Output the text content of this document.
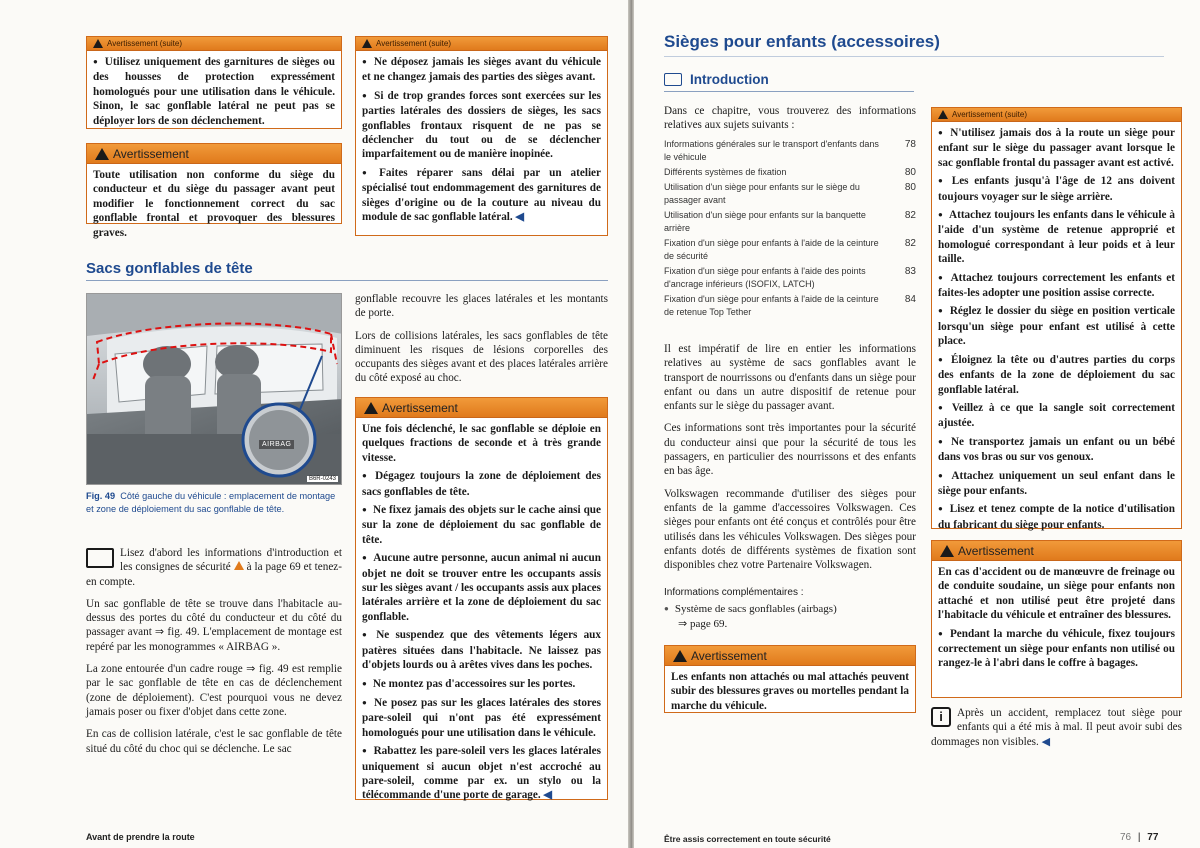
Avertissement (suite)

● Utilisez uniquement des garnitures de sièges ou des housses de protection expressément homologués pour une utilisation dans le véhicule. Sinon, le sac gonflable latéral ne peut pas se déployer lors de son déclenchement.

Avertissement
Toute utilisation non conforme du siège du conducteur et du siège du passager avant peut modifier le fonctionnement correct du sac gonflable frontal et provoquer des blessures graves.
Avertissement (suite)

● Ne déposez jamais les sièges avant du véhicule et ne changez jamais des parties des sièges avant.

● Si de trop grandes forces sont exercées sur les parties latérales des dossiers de sièges, les sacs gonflables frontaux risquent de ne pas se déclencher du tout ou de se déclencher imparfaitement ou de manière inopinée.

● Faites réparer sans délai par un atelier spécialisé tout endommagement des garnitures de sièges d'origine ou de la couture au niveau du module de sac gonflable latéral. ◀

Sacs gonflables de tête
AIRBAG
B6R-0243
Fig. 49 Côté gauche du véhicule : emplacement de montage et zone de déploiement du sac gonflable de tête.

Lisez d'abord les informations d'introduction et les consignes de sécurité à la page 69 et tenez-en compte.

Un sac gonflable de tête se trouve dans l'habitacle au-dessus des portes du côté du conducteur et du côté du passager avant ⇒ fig. 49. L'emplacement de montage est repéré par les monogrammes « AIRBAG ».

La zone entourée d'un cadre rouge ⇒ fig. 49 est remplie par le sac gonflable de tête en cas de déclenchement (zone de déploiement). C'est pourquoi vous ne devez jamais poser ou fixer d'objet dans cette zone.

En cas de collision latérale, c'est le sac gonflable de tête situé du côté du choc qui se déclenche. Le sac

gonflable recouvre les glaces latérales et les montants de porte.

Lors de collisions latérales, les sacs gonflables de tête diminuent les risques de lésions corporelles des occupants des sièges avant et des places latérales arrière du côté exposé au choc.

Avertissement

Une fois déclenché, le sac gonflable se déploie en quelques fractions de seconde et à très grande vitesse.

● Dégagez toujours la zone de déploiement des sacs gonflables de tête.

● Ne fixez jamais des objets sur le cache ainsi que sur la zone de déploiement du sac gonflable de tête.

● Aucune autre personne, aucun animal ni aucun objet ne doit se trouver entre les occupants assis sur les sièges avant / les occupants assis aux places latérales arrière et la zone de déploiement du sac gonflable.

● Ne suspendez que des vêtements légers aux patères situées dans l'habitacle. Ne laissez pas d'objets lourds ou à arêtes vives dans les poches.

● Ne montez pas d'accessoires sur les portes.

● Ne posez pas sur les glaces latérales des stores pare-soleil qui n'ont pas été expressément homologués pour une utilisation dans le véhicule.

● Rabattez les pare-soleil vers les glaces latérales uniquement si aucun objet n'est accroché au pare-soleil, comme par ex. un stylo ou la télécommande d'une porte de garage. ◀

Avant de prendre la route
Sièges pour enfants (accessoires)
Introduction

Dans ce chapitre, vous trouverez des informations relatives aux sujets suivants :

Informations générales sur le transport d'enfants dans le véhicule
78
Différents systèmes de fixation	80
Utilisation d'un siège pour enfants sur le siège du passager avant
80
Utilisation d'un siège pour enfants sur la banquette arrière
82
Fixation d'un siège pour enfants à l'aide de la ceinture de sécurité
82
Fixation d'un siège pour enfants à l'aide des points d'ancrage inférieurs (ISOFIX, LATCH)
83
Fixation d'un siège pour enfants à l'aide de la ceinture de retenue Top Tether
84

Il est impératif de lire en entier les informations relatives au système de sacs gonflables avant le transport de nourrissons ou d'enfants dans un siège pour enfant ou dans un autre dispositif de retenue pour enfants sur le siège du passager avant.

Ces informations sont très importantes pour la sécurité du conducteur ainsi que pour la sécurité de tous les passagers, en particulier des nourrissons et des enfants en bas âge.

Volkswagen recommande d'utiliser des sièges pour enfants de la gamme d'accessoires Volkswagen. Ces sièges pour enfants ont été conçus et contrôlés pour être utilisés dans les véhicules Volkswagen. Des sièges pour enfants dotés de différents systèmes de fixation sont disponibles chez votre Partenaire Volkswagen.

Informations complémentaires :
● Système de sacs gonflables (airbags)
⇒ page 69.
Avertissement
Les enfants non attachés ou mal attachés peuvent subir des blessures graves ou mortelles pendant la marche du véhicule.
Avertissement (suite)

● N'utilisez jamais dos à la route un siège pour enfant sur le siège du passager avant lorsque le sac gonflable frontal du passager avant est activé.

● Les enfants jusqu'à l'âge de 12 ans doivent toujours voyager sur le siège arrière.

● Attachez toujours les enfants dans le véhicule à l'aide d'un système de retenue approprié et homologué correspondant à leur poids et à leur taille.

● Attachez toujours correctement les enfants et faites-les adopter une position assise correcte.

● Réglez le dossier du siège en position verticale lorsqu'un siège pour enfant est utilisé à cette place.

● Éloignez la tête ou d'autres parties du corps des enfants de la zone de déploiement du sac gonflable latéral.

● Veillez à ce que la sangle soit correctement ajustée.

● Ne transportez jamais un enfant ou un bébé dans vos bras ou sur vos genoux.

● Attachez uniquement un seul enfant dans le siège pour enfants.

● Lisez et tenez compte de la notice d'utilisation du fabricant du siège pour enfants.

Avertissement

En cas d'accident ou de manœuvre de freinage ou de conduite soudaine, un siège pour enfants non attaché et non utilisé peut être projeté dans l'habitacle du véhicule et entraîner des blessures.

● Pendant la marche du véhicule, fixez toujours correctement un siège pour enfants non utilisé ou rangez-le à l'abri dans le coffre à bagages.

i	Après un accident, remplacez tout siège pour enfants qui a été mis à mal. Il peut avoir subi des dommages non visibles. ◀
Être assis correctement en toute sécurité	76 | 77
